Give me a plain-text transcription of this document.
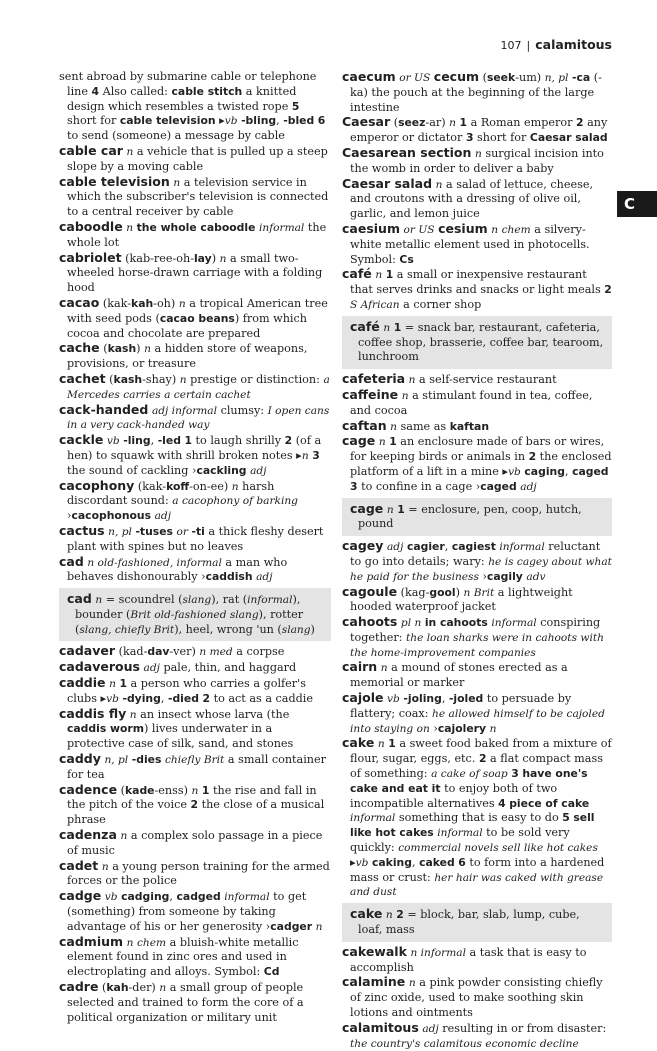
107 | calamitous
C
sent abroad by submarine cable or telephone line 4 Also called: cable stitch a knitted design which resembles a twisted rope 5 short for cable television ▸vb -bling, -bled 6 to send (someone) a message by cable
cable car n a vehicle that is pulled up a steep slope by a moving cable
cable television n a television service in which the subscriber's television is connected to a central receiver by cable
caboodle n the whole caboodle informal the whole lot
cabriolet (kab-ree-oh-lay) n a small two-wheeled horse-drawn carriage with a folding hood
cacao (kak-kah-oh) n a tropical American tree with seed pods (cacao beans) from which cocoa and chocolate are prepared
cache (kash) n a hidden store of weapons, provisions, or treasure
cachet (kash-shay) n prestige or distinction: a Mercedes carries a certain cachet
cack-handed adj informal clumsy: I open cans in a very cack-handed way
cackle vb -ling, -led 1 to laugh shrilly 2 (of a hen) to squawk with shrill broken notes ▸n 3 the sound of cackling ›cackling adj
cacophony (kak-koff-on-ee) n harsh discordant sound: a cacophony of barking ›cacophonous adj
cactus n, pl -tuses or -ti a thick fleshy desert plant with spines but no leaves
cad n old-fashioned, informal a man who behaves dishonourably ›caddish adj
cad n = scoundrel (slang), rat (informal), bounder (Brit old-fashioned slang), rotter (slang, chiefly Brit), heel, wrong 'un (slang)
cadaver (kad-dav-ver) n med a corpse
cadaverous adj pale, thin, and haggard
caddie n 1 a person who carries a golfer's clubs ▸vb -dying, -died 2 to act as a caddie
caddis fly n an insect whose larva (the caddis worm) lives underwater in a protective case of silk, sand, and stones
caddy n, pl -dies chiefly Brit a small container for tea
cadence (kade-enss) n 1 the rise and fall in the pitch of the voice 2 the close of a musical phrase
cadenza n a complex solo passage in a piece of music
cadet n a young person training for the armed forces or the police
cadge vb cadging, cadged informal to get (something) from someone by taking advantage of his or her generosity ›cadger n
cadmium n chem a bluish-white metallic element found in zinc ores and used in electroplating and alloys. Symbol: Cd
cadre (kah-der) n a small group of people selected and trained to form the core of a political organization or military unit
caecum or US cecum (seek-um) n, pl -ca (-ka) the pouch at the beginning of the large intestine
Caesar (seez-ar) n 1 a Roman emperor 2 any emperor or dictator 3 short for Caesar salad
Caesarean section n surgical incision into the womb in order to deliver a baby
Caesar salad n a salad of lettuce, cheese, and croutons with a dressing of olive oil, garlic, and lemon juice
caesium or US cesium n chem a silvery-white metallic element used in photocells. Symbol: Cs
café n 1 a small or inexpensive restaurant that serves drinks and snacks or light meals 2 S African a corner shop
café n 1 = snack bar, restaurant, cafeteria, coffee shop, brasserie, coffee bar, tearoom, lunchroom
cafeteria n a self-service restaurant
caffeine n a stimulant found in tea, coffee, and cocoa
caftan n same as kaftan
cage n 1 an enclosure made of bars or wires, for keeping birds or animals in 2 the enclosed platform of a lift in a mine ▸vb caging, caged 3 to confine in a cage ›caged adj
cage n 1 = enclosure, pen, coop, hutch, pound
cagey adj cagier, cagiest informal reluctant to go into details; wary: he is cagey about what he paid for the business ›cagily adv
cagoule (kag-gool) n Brit a lightweight hooded waterproof jacket
cahoots pl n in cahoots informal conspiring together: the loan sharks were in cahoots with the home-improvement companies
cairn n a mound of stones erected as a memorial or marker
cajole vb -joling, -joled to persuade by flattery; coax: he allowed himself to be cajoled into staying on ›cajolery n
cake n 1 a sweet food baked from a mixture of flour, sugar, eggs, etc. 2 a flat compact mass of something: a cake of soap 3 have one's cake and eat it to enjoy both of two incompatible alternatives 4 piece of cake informal something that is easy to do 5 sell like hot cakes informal to be sold very quickly: commercial novels sell like hot cakes ▸vb caking, caked 6 to form into a hardened mass or crust: her hair was caked with grease and dust
cake n 2 = block, bar, slab, lump, cube, loaf, mass
cakewalk n informal a task that is easy to accomplish
calamine n a pink powder consisting chiefly of zinc oxide, used to make soothing skin lotions and ointments
calamitous adj resulting in or from disaster: the country's calamitous economic decline
